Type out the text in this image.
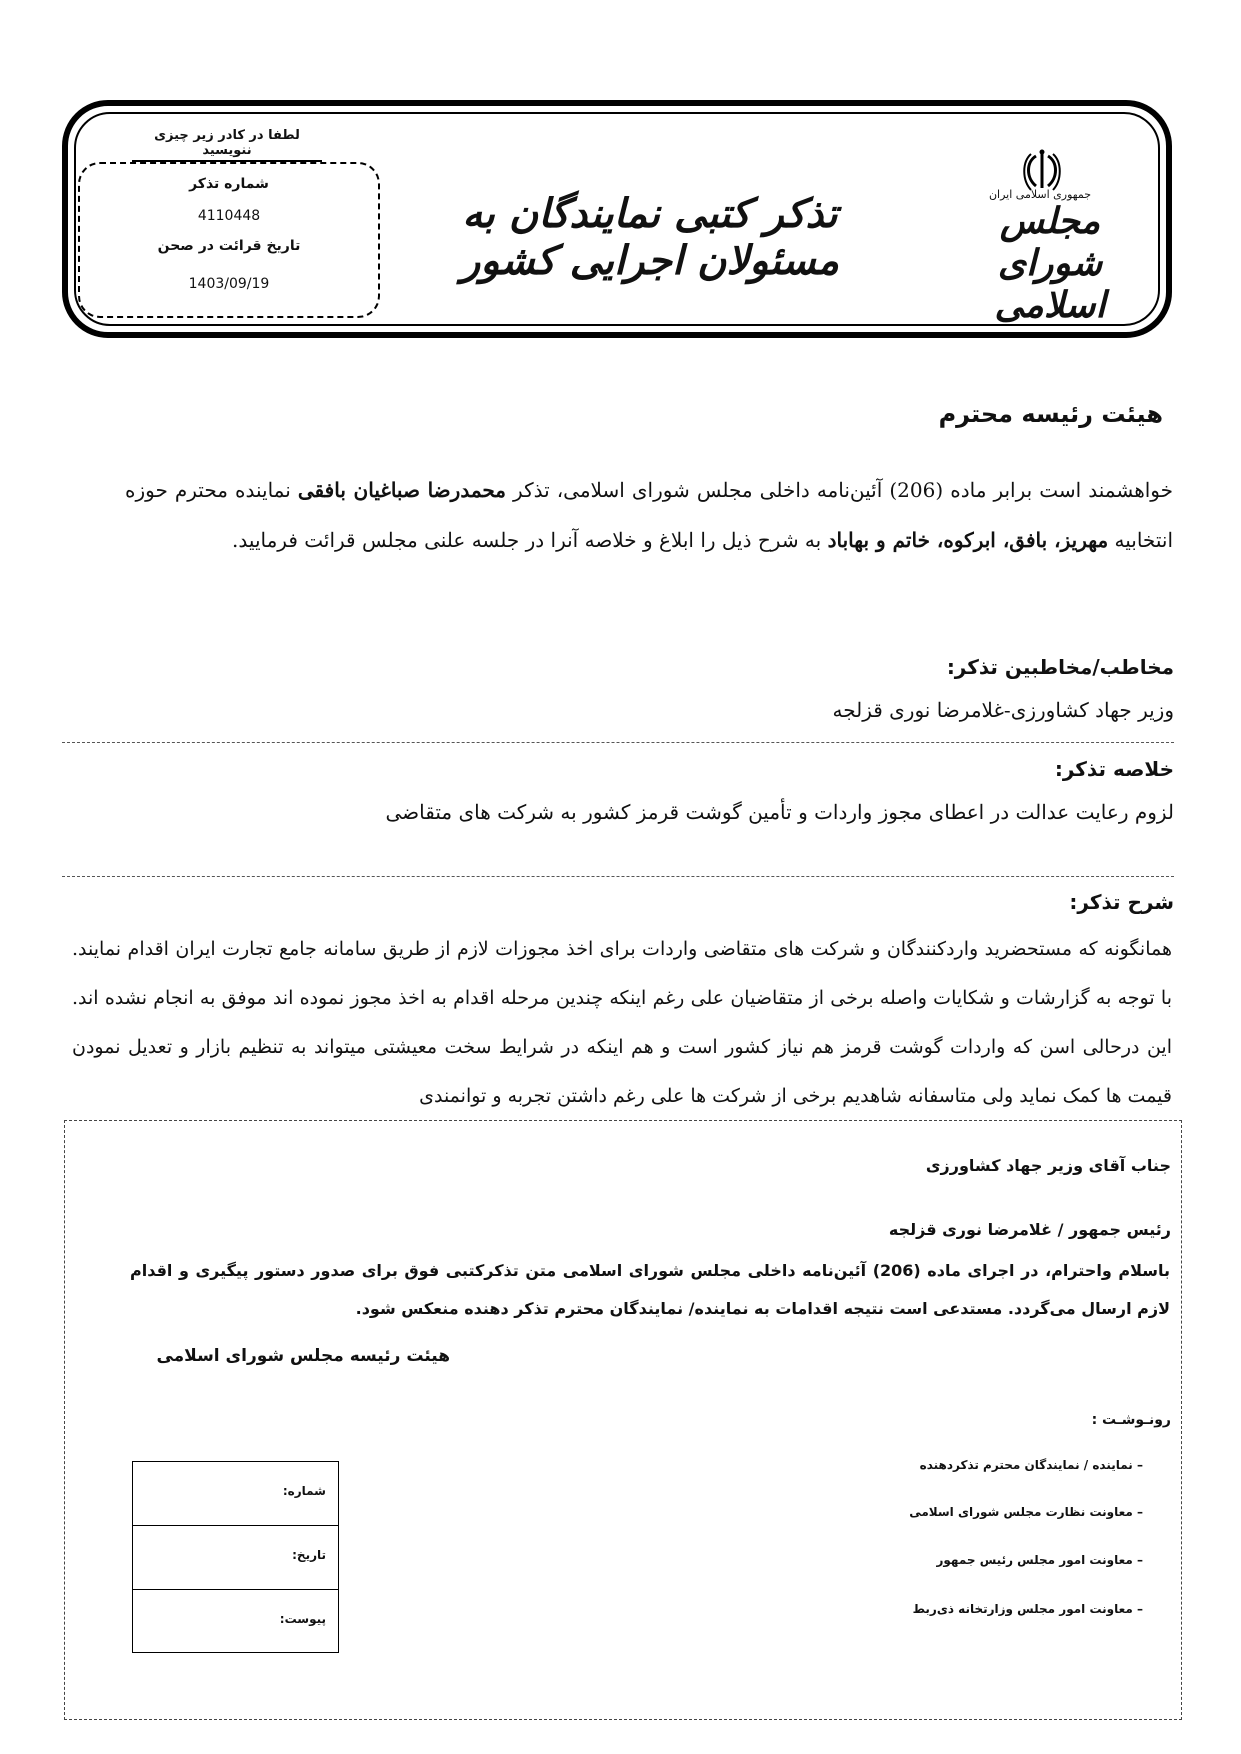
لطفا در کادر زیر چیزی ننویسید
شماره تذکر
4110448
تاریخ قرائت در صحن
1403/09/19
تذکر کتبی نمایندگان به مسئولان اجرایی کشور
جمهوری اسلامی ایران
مجلس شورای اسلامی
هیئت رئیسه محترم
خواهشمند است برابر ماده (206) آئین‌نامه داخلی مجلس شورای اسلامی، تذکر محمدرضا صباغیان بافقی نماینده محترم حوزه انتخابیه مهریز، بافق، ابرکوه، خاتم و بهاباد به شرح ذیل را ابلاغ و خلاصه آنرا در جلسه علنی مجلس قرائت فرمایید.
مخاطب/مخاطبین تذکر:
وزیر جهاد کشاورزی-غلامرضا نوری قزلجه
خلاصه تذکر:
لزوم رعایت عدالت در اعطای مجوز واردات و تأمین گوشت قرمز کشور به شرکت های متقاضی
شرح تذکر:
همانگونه که مستحضرید واردکنندگان و شرکت های متقاضی واردات برای اخذ مجوزات لازم از طریق سامانه جامع تجارت ایران اقدام نمایند. با توجه به گزارشات و شکایات واصله برخی از متقاضیان علی رغم اینکه چندین مرحله اقدام به اخذ مجوز نموده اند موفق به انجام نشده اند. این درحالی اسن که واردات گوشت قرمز هم نیاز کشور است و هم اینکه در شرایط سخت معیشتی میتواند به تنظیم بازار و تعدیل نمودن قیمت ها کمک نماید ولی متاسفانه شاهدیم برخی از شرکت ها علی رغم داشتن تجربه و توانمندی
جناب آقای وزیر جهاد کشاورزی
رئیس جمهور / غلامرضا نوری قزلجه
باسلام واحترام، در اجرای ماده (206) آئین‌نامه داخلی مجلس شورای اسلامی متن تذکرکتبی فوق برای صدور دستور پیگیری و اقدام لازم ارسال می‌گردد. مستدعی است نتیجه اقدامات به نماینده/ نمایندگان محترم تذکر دهنده منعکس شود.
هیئت رئیسه مجلس شورای اسلامی
رونـوشـت :
– نماینده / نمایندگان محترم تذکردهنده
– معاونت نظارت مجلس شورای اسلامی
– معاونت امور مجلس رئیس جمهور
– معاونت امور مجلس وزارتخانه ذی‌ربط
شماره:
تاریخ:
پیوست:
